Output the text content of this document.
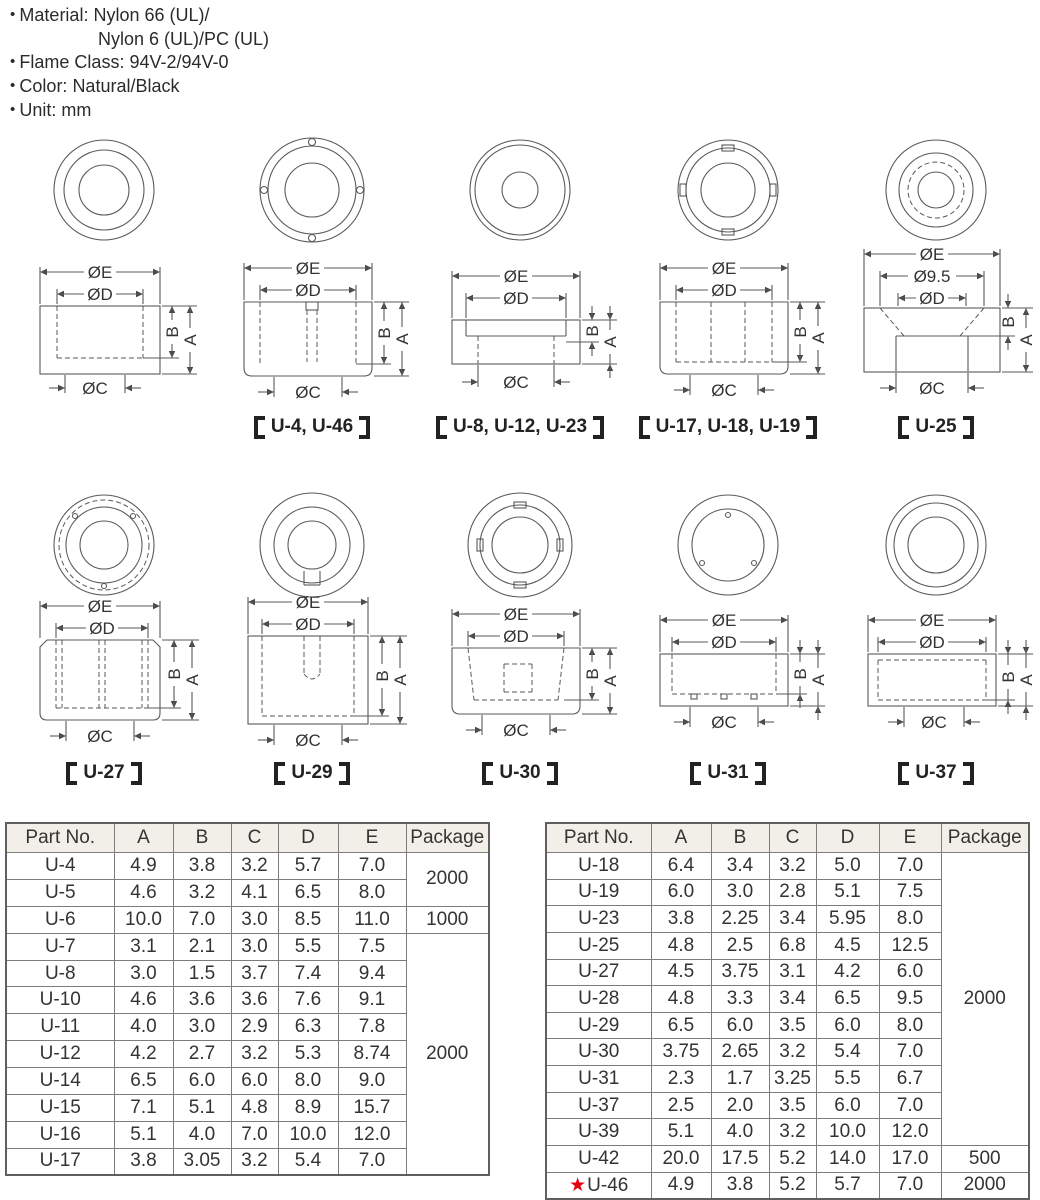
• Material: Nylon 66 (UL)/
Nylon 6 (UL)/PC (UL)
• Flame Class: 94V-2/94V-0
• Color: Natural/Black
• Unit: mm
ØE
ØD
B
A
ØC
ØE
ØD
B
A
ØC
U-4, U-46
ØE
ØD
B
A
ØC
U-8, U-12, U-23
ØE
ØD
B
A
ØC
U-17, U-18, U-19
ØE
Ø9.5
ØD
B
A
ØC
U-25
ØE
ØD
B
A
ØC
U-27
ØE
ØD
B A
ØC
U-29
ØE
ØD
B
A
ØC
U-30
ØE
ØD
B
A
ØC
U-31
ØE
ØD
B A
ØC
U-37
Part No.	A	B	C	D	E	Package
U-4	4.9	3.8	3.2	5.7	7.0	2000
U-5	4.6	3.2	4.1	6.5	8.0	
U-6	10.0	7.0	3.0	8.5	11.0	1000
U-7	3.1	2.1	3.0	5.5	7.5	2000
U-8	3.0	1.5	3.7	7.4	9.4	
U-10	4.6	3.6	3.6	7.6	9.1	
U-11	4.0	3.0	2.9	6.3	7.8	
U-12	4.2	2.7	3.2	5.3	8.74	
U-14	6.5	6.0	6.0	8.0	9.0	
U-15	7.1	5.1	4.8	8.9	15.7	
U-16	5.1	4.0	7.0	10.0	12.0	
U-17	3.8	3.05	3.2	5.4	7.0	
Part No.	A	B	C	D	E	Package
U-18	6.4	3.4	3.2	5.0	7.0	2000
U-19	6.0	3.0	2.8	5.1	7.5	
U-23	3.8	2.25	3.4	5.95	8.0	
U-25	4.8	2.5	6.8	4.5	12.5	
U-27	4.5	3.75	3.1	4.2	6.0	
U-28	4.8	3.3	3.4	6.5	9.5	
U-29	6.5	6.0	3.5	6.0	8.0	
U-30	3.75	2.65	3.2	5.4	7.0	
U-31	2.3	1.7	3.25	5.5	6.7	
U-37	2.5	2.0	3.5	6.0	7.0	
U-39	5.1	4.0	3.2	10.0	12.0	
U-42	20.0	17.5	5.2	14.0	17.0	500
★U-46	4.9	3.8	5.2	5.7	7.0	2000
